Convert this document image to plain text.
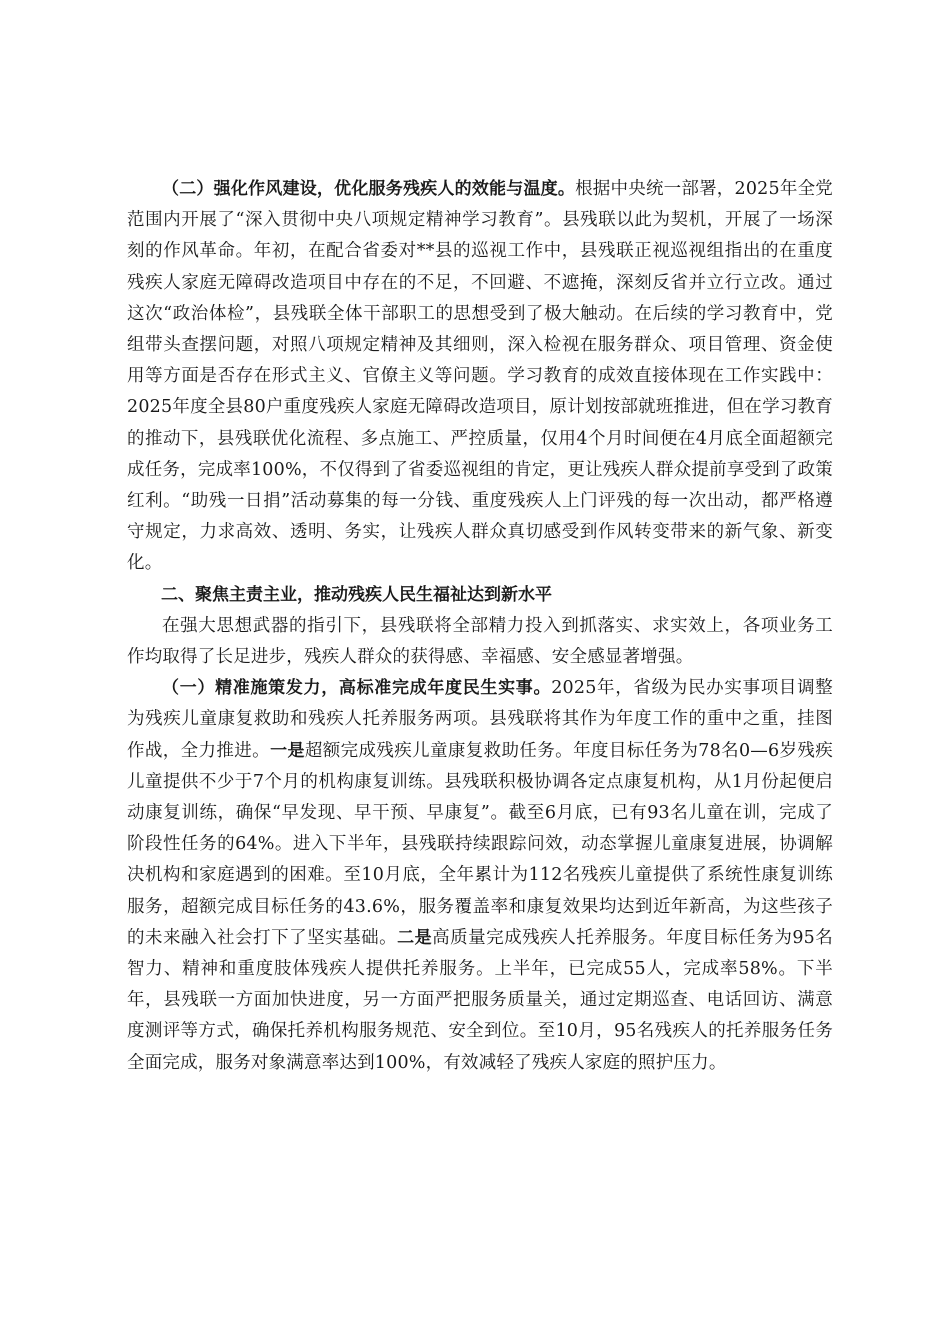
（二）强化作风建设，优化服务残疾人的效能与温度。根据中央统一部署，2025年全党范围内开展了“深入贯彻中央八项规定精神学习教育”。县残联以此为契机，开展了一场深刻的作风革命。年初，在配合省委对**县的巡视工作中，县残联正视巡视组指出的在重度残疾人家庭无障碍改造项目中存在的不足，不回避、不遮掩，深刻反省并立行立改。通过这次“政治体检”，县残联全体干部职工的思想受到了极大触动。在后续的学习教育中，党组带头查摆问题，对照八项规定精神及其细则，深入检视在服务群众、项目管理、资金使用等方面是否存在形式主义、官僚主义等问题。学习教育的成效直接体现在工作实践中：2025年度全县80户重度残疾人家庭无障碍改造项目，原计划按部就班推进，但在学习教育的推动下，县残联优化流程、多点施工、严控质量，仅用4个月时间便在4月底全面超额完成任务，完成率100%，不仅得到了省委巡视组的肯定，更让残疾人群众提前享受到了政策红利。“助残一日捐”活动募集的每一分钱、重度残疾人上门评残的每一次出动，都严格遵守规定，力求高效、透明、务实，让残疾人群众真切感受到作风转变带来的新气象、新变化。

二、聚焦主责主业，推动残疾人民生福祉达到新水平

在强大思想武器的指引下，县残联将全部精力投入到抓落实、求实效上，各项业务工作均取得了长足进步，残疾人群众的获得感、幸福感、安全感显著增强。

（一）精准施策发力，高标准完成年度民生实事。2025年，省级为民办实事项目调整为残疾儿童康复救助和残疾人托养服务两项。县残联将其作为年度工作的重中之重，挂图作战，全力推进。一是超额完成残疾儿童康复救助任务。年度目标任务为78名0—6岁残疾儿童提供不少于7个月的机构康复训练。县残联积极协调各定点康复机构，从1月份起便启动康复训练，确保“早发现、早干预、早康复”。截至6月底，已有93名儿童在训，完成了阶段性任务的64%。进入下半年，县残联持续跟踪问效，动态掌握儿童康复进展，协调解决机构和家庭遇到的困难。至10月底，全年累计为112名残疾儿童提供了系统性康复训练服务，超额完成目标任务的43.6%，服务覆盖率和康复效果均达到近年新高，为这些孩子的未来融入社会打下了坚实基础。二是高质量完成残疾人托养服务。年度目标任务为95名智力、精神和重度肢体残疾人提供托养服务。上半年，已完成55人，完成率58%。下半年，县残联一方面加快进度，另一方面严把服务质量关，通过定期巡查、电话回访、满意度测评等方式，确保托养机构服务规范、安全到位。至10月，95名残疾人的托养服务任务全面完成，服务对象满意率达到100%，有效减轻了残疾人家庭的照护压力。
